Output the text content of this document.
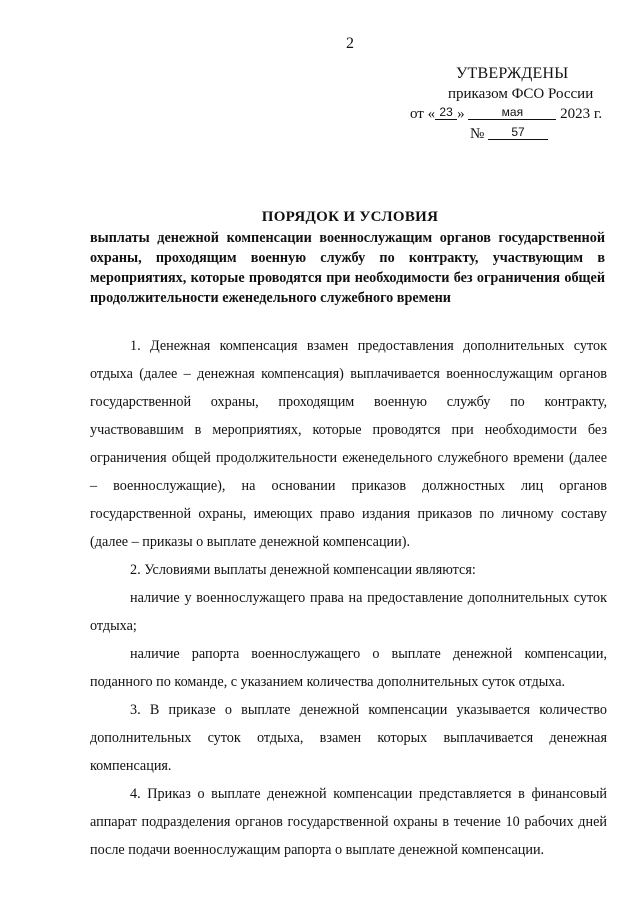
2
УТВЕРЖДЕНЫ
приказом ФСО России
от « 23 »	мая 2023 г.
№ 57
ПОРЯДОК И УСЛОВИЯ
выплаты денежной компенсации военнослужащим органов государственной охраны, проходящим военную службу по контракту, участвующим в мероприятиях, которые проводятся при необходимости без ограничения общей продолжительности еженедельного служебного времени

1. Денежная компенсация взамен предоставления дополнительных суток отдыха (далее – денежная компенсация) выплачивается военнослужащим органов государственной охраны, проходящим военную службу по контракту, участвовавшим в мероприятиях, которые проводятся при необходимости без ограничения общей продолжительности еженедельного служебного времени (далее – военнослужащие), на основании приказов должностных лиц органов государственной охраны, имеющих право издания приказов по личному составу (далее – приказы о выплате денежной компенсации).

2. Условиями выплаты денежной компенсации являются:

наличие у военнослужащего права на предоставление дополнительных суток отдыха;

наличие рапорта военнослужащего о выплате денежной компенсации, поданного по команде, с указанием количества дополнительных суток отдыха.

3. В приказе о выплате денежной компенсации указывается количество дополнительных суток отдыха, взамен которых выплачивается денежная компенсация.

4. Приказ о выплате денежной компенсации представляется в финансовый аппарат подразделения органов государственной охраны в течение 10 рабочих дней после подачи военнослужащим рапорта о выплате денежной компенсации.
